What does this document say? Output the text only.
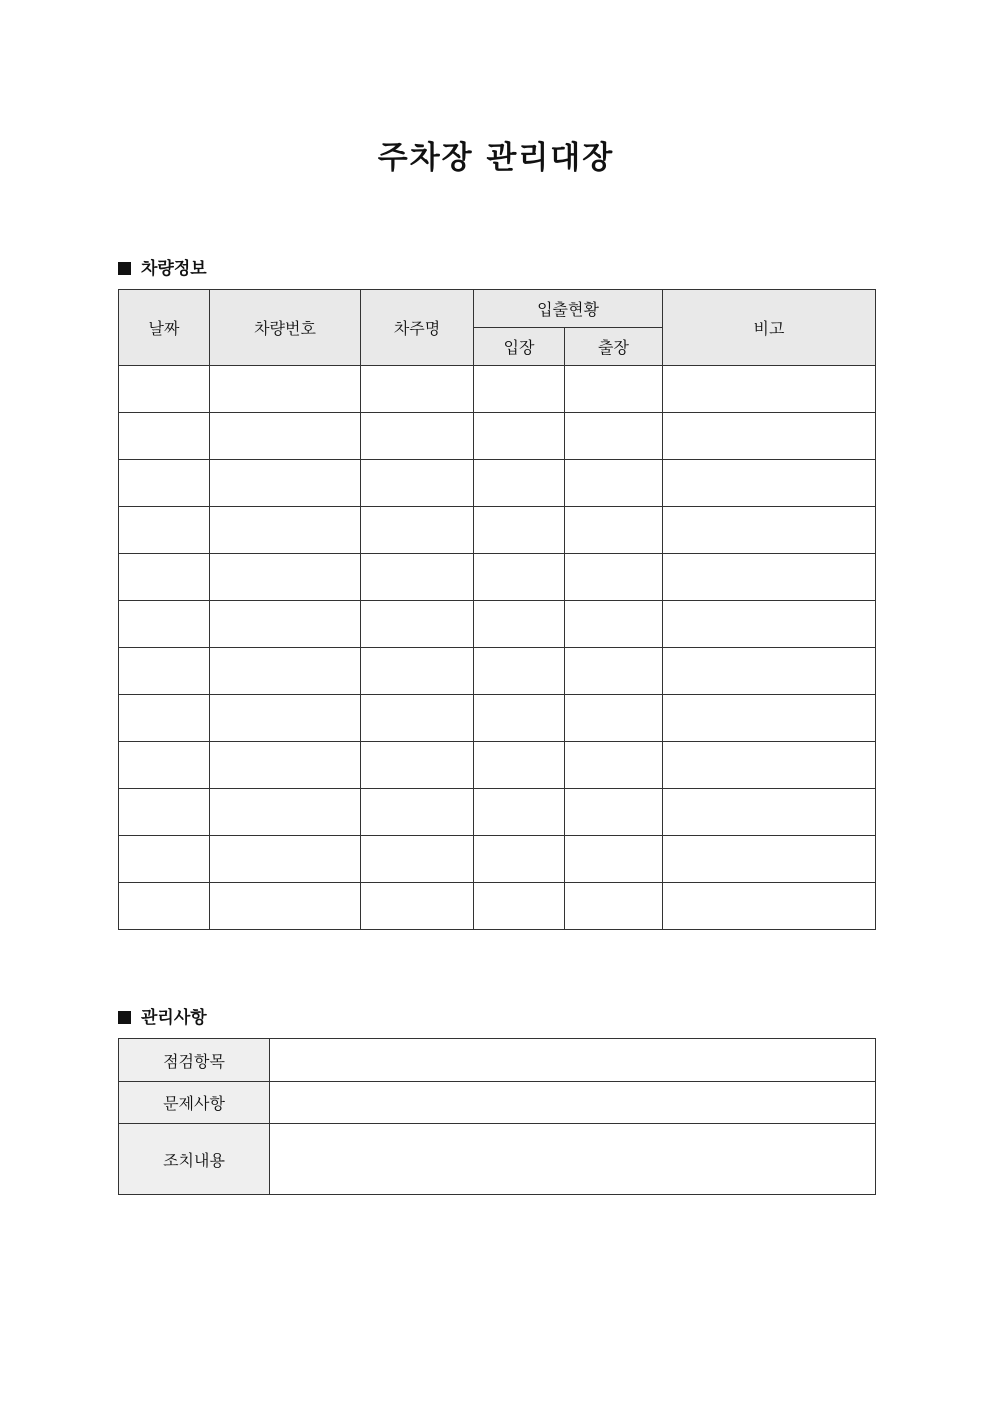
주차장 관리대장
차량정보
날짜	차량번호	차주명	입출현황		비고
			입장	출장	

관리사항
점검항목	
문제사항	
조치내용	
